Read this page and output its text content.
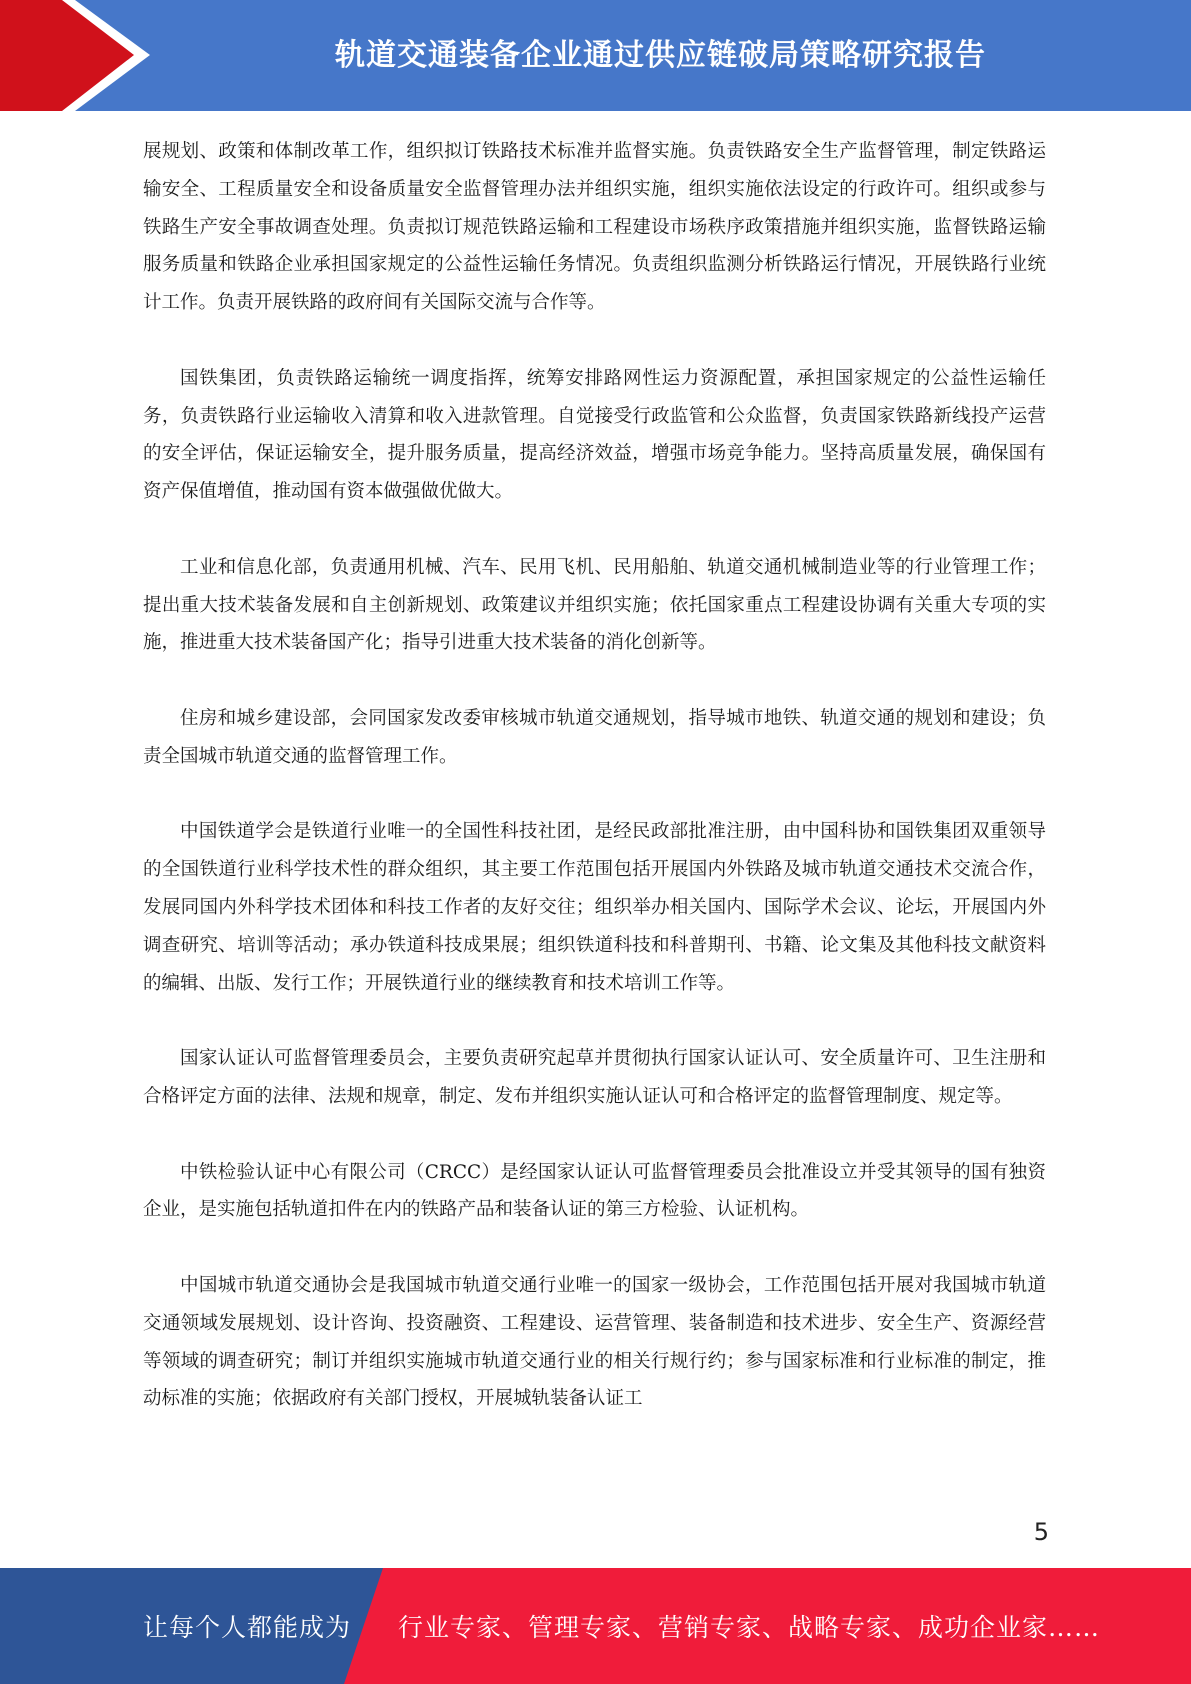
轨道交通装备企业通过供应链破局策略研究报告

展规划、政策和体制改革工作，组织拟订铁路技术标准并监督实施。负责铁路安全生产监督管理，制定铁路运输安全、工程质量安全和设备质量安全监督管理办法并组织实施，组织实施依法设定的行政许可。组织或参与铁路生产安全事故调查处理。负责拟订规范铁路运输和工程建设市场秩序政策措施并组织实施，监督铁路运输服务质量和铁路企业承担国家规定的公益性运输任务情况。负责组织监测分析铁路运行情况，开展铁路行业统计工作。负责开展铁路的政府间有关国际交流与合作等。

国铁集团，负责铁路运输统一调度指挥，统筹安排路网性运力资源配置，承担国家规定的公益性运输任务，负责铁路行业运输收入清算和收入进款管理。自觉接受行政监管和公众监督，负责国家铁路新线投产运营的安全评估，保证运输安全，提升服务质量，提高经济效益，增强市场竞争能力。坚持高质量发展，确保国有资产保值增值，推动国有资本做强做优做大。

工业和信息化部，负责通用机械、汽车、民用飞机、民用船舶、轨道交通机械制造业等的行业管理工作；提出重大技术装备发展和自主创新规划、政策建议并组织实施；依托国家重点工程建设协调有关重大专项的实施，推进重大技术装备国产化；指导引进重大技术装备的消化创新等。

住房和城乡建设部，会同国家发改委审核城市轨道交通规划，指导城市地铁、轨道交通的规划和建设；负责全国城市轨道交通的监督管理工作。

中国铁道学会是铁道行业唯一的全国性科技社团，是经民政部批准注册，由中国科协和国铁集团双重领导的全国铁道行业科学技术性的群众组织，其主要工作范围包括开展国内外铁路及城市轨道交通技术交流合作，发展同国内外科学技术团体和科技工作者的友好交往；组织举办相关国内、国际学术会议、论坛，开展国内外调查研究、培训等活动；承办铁道科技成果展；组织铁道科技和科普期刊、书籍、论文集及其他科技文献资料的编辑、出版、发行工作；开展铁道行业的继续教育和技术培训工作等。

国家认证认可监督管理委员会，主要负责研究起草并贯彻执行国家认证认可、安全质量许可、卫生注册和合格评定方面的法律、法规和规章，制定、发布并组织实施认证认可和合格评定的监督管理制度、规定等。

中铁检验认证中心有限公司（CRCC）是经国家认证认可监督管理委员会批准设立并受其领导的国有独资企业，是实施包括轨道扣件在内的铁路产品和装备认证的第三方检验、认证机构。

中国城市轨道交通协会是我国城市轨道交通行业唯一的国家一级协会，工作范围包括开展对我国城市轨道交通领域发展规划、设计咨询、投资融资、工程建设、运营管理、装备制造和技术进步、安全生产、资源经营等领域的调查研究；制订并组织实施城市轨道交通行业的相关行规行约；参与国家标准和行业标准的制定，推动标准的实施；依据政府有关部门授权，开展城轨装备认证工

5
让每个人都能成为 行业专家、管理专家、营销专家、战略专家、成功企业家……
